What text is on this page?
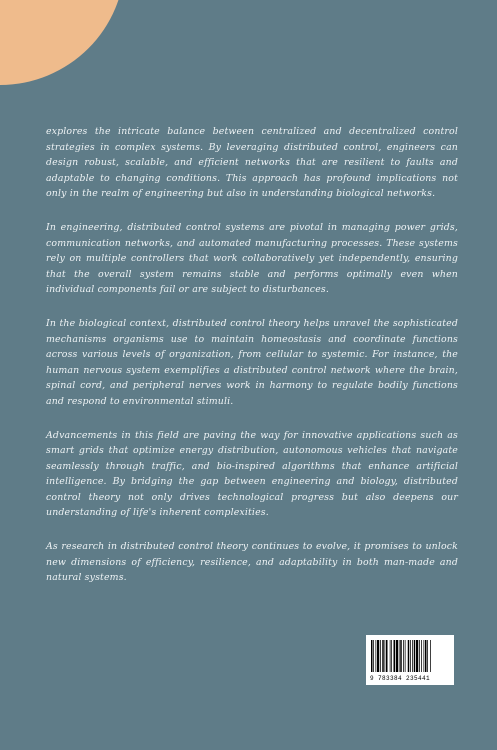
explores the intricate balance between centralized and decentralized control strategies in complex systems. By leveraging distributed control, engineers can design robust, scalable, and efficient networks that are resilient to faults and adaptable to changing conditions. This approach has profound implications not only in the realm of engineering but also in understanding biological networks.

In engineering, distributed control systems are pivotal in managing power grids, communication networks, and automated manufacturing processes. These systems rely on multiple controllers that work collaboratively yet independently, ensuring that the overall system remains stable and performs optimally even when individual components fail or are subject to disturbances.

In the biological context, distributed control theory helps unravel the sophisticated mechanisms organisms use to maintain homeostasis and coordinate functions across various levels of organization, from cellular to systemic. For instance, the human nervous system exemplifies a distributed control network where the brain, spinal cord, and peripheral nerves work in harmony to regulate bodily functions and respond to environmental stimuli.

Advancements in this field are paving the way for innovative applications such as smart grids that optimize energy distribution, autonomous vehicles that navigate seamlessly through traffic, and bio-inspired algorithms that enhance artificial intelligence. By bridging the gap between engineering and biology, distributed control theory not only drives technological progress but also deepens our understanding of life's inherent complexities.

As research in distributed control theory continues to evolve, it promises to unlock new dimensions of efficiency, resilience, and adaptability in both man-made and natural systems.

9 783384 235441
